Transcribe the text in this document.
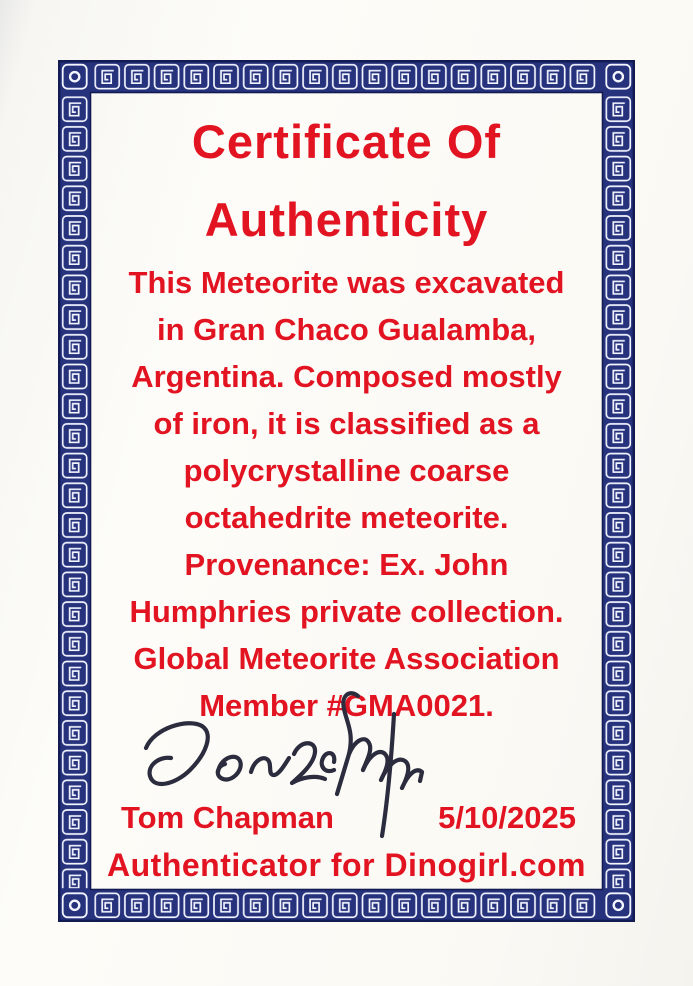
Certificate Of
Authenticity
This Meteorite was excavated
in Gran Chaco Gualamba,
Argentina. Composed mostly
of iron, it is classified as a
polycrystalline coarse
octahedrite meteorite.
Provenance: Ex. John
Humphries private collection.
Global Meteorite Association
Member #GMA0021.
Tom Chapman	5/10/2025
Authenticator for Dinogirl.com
